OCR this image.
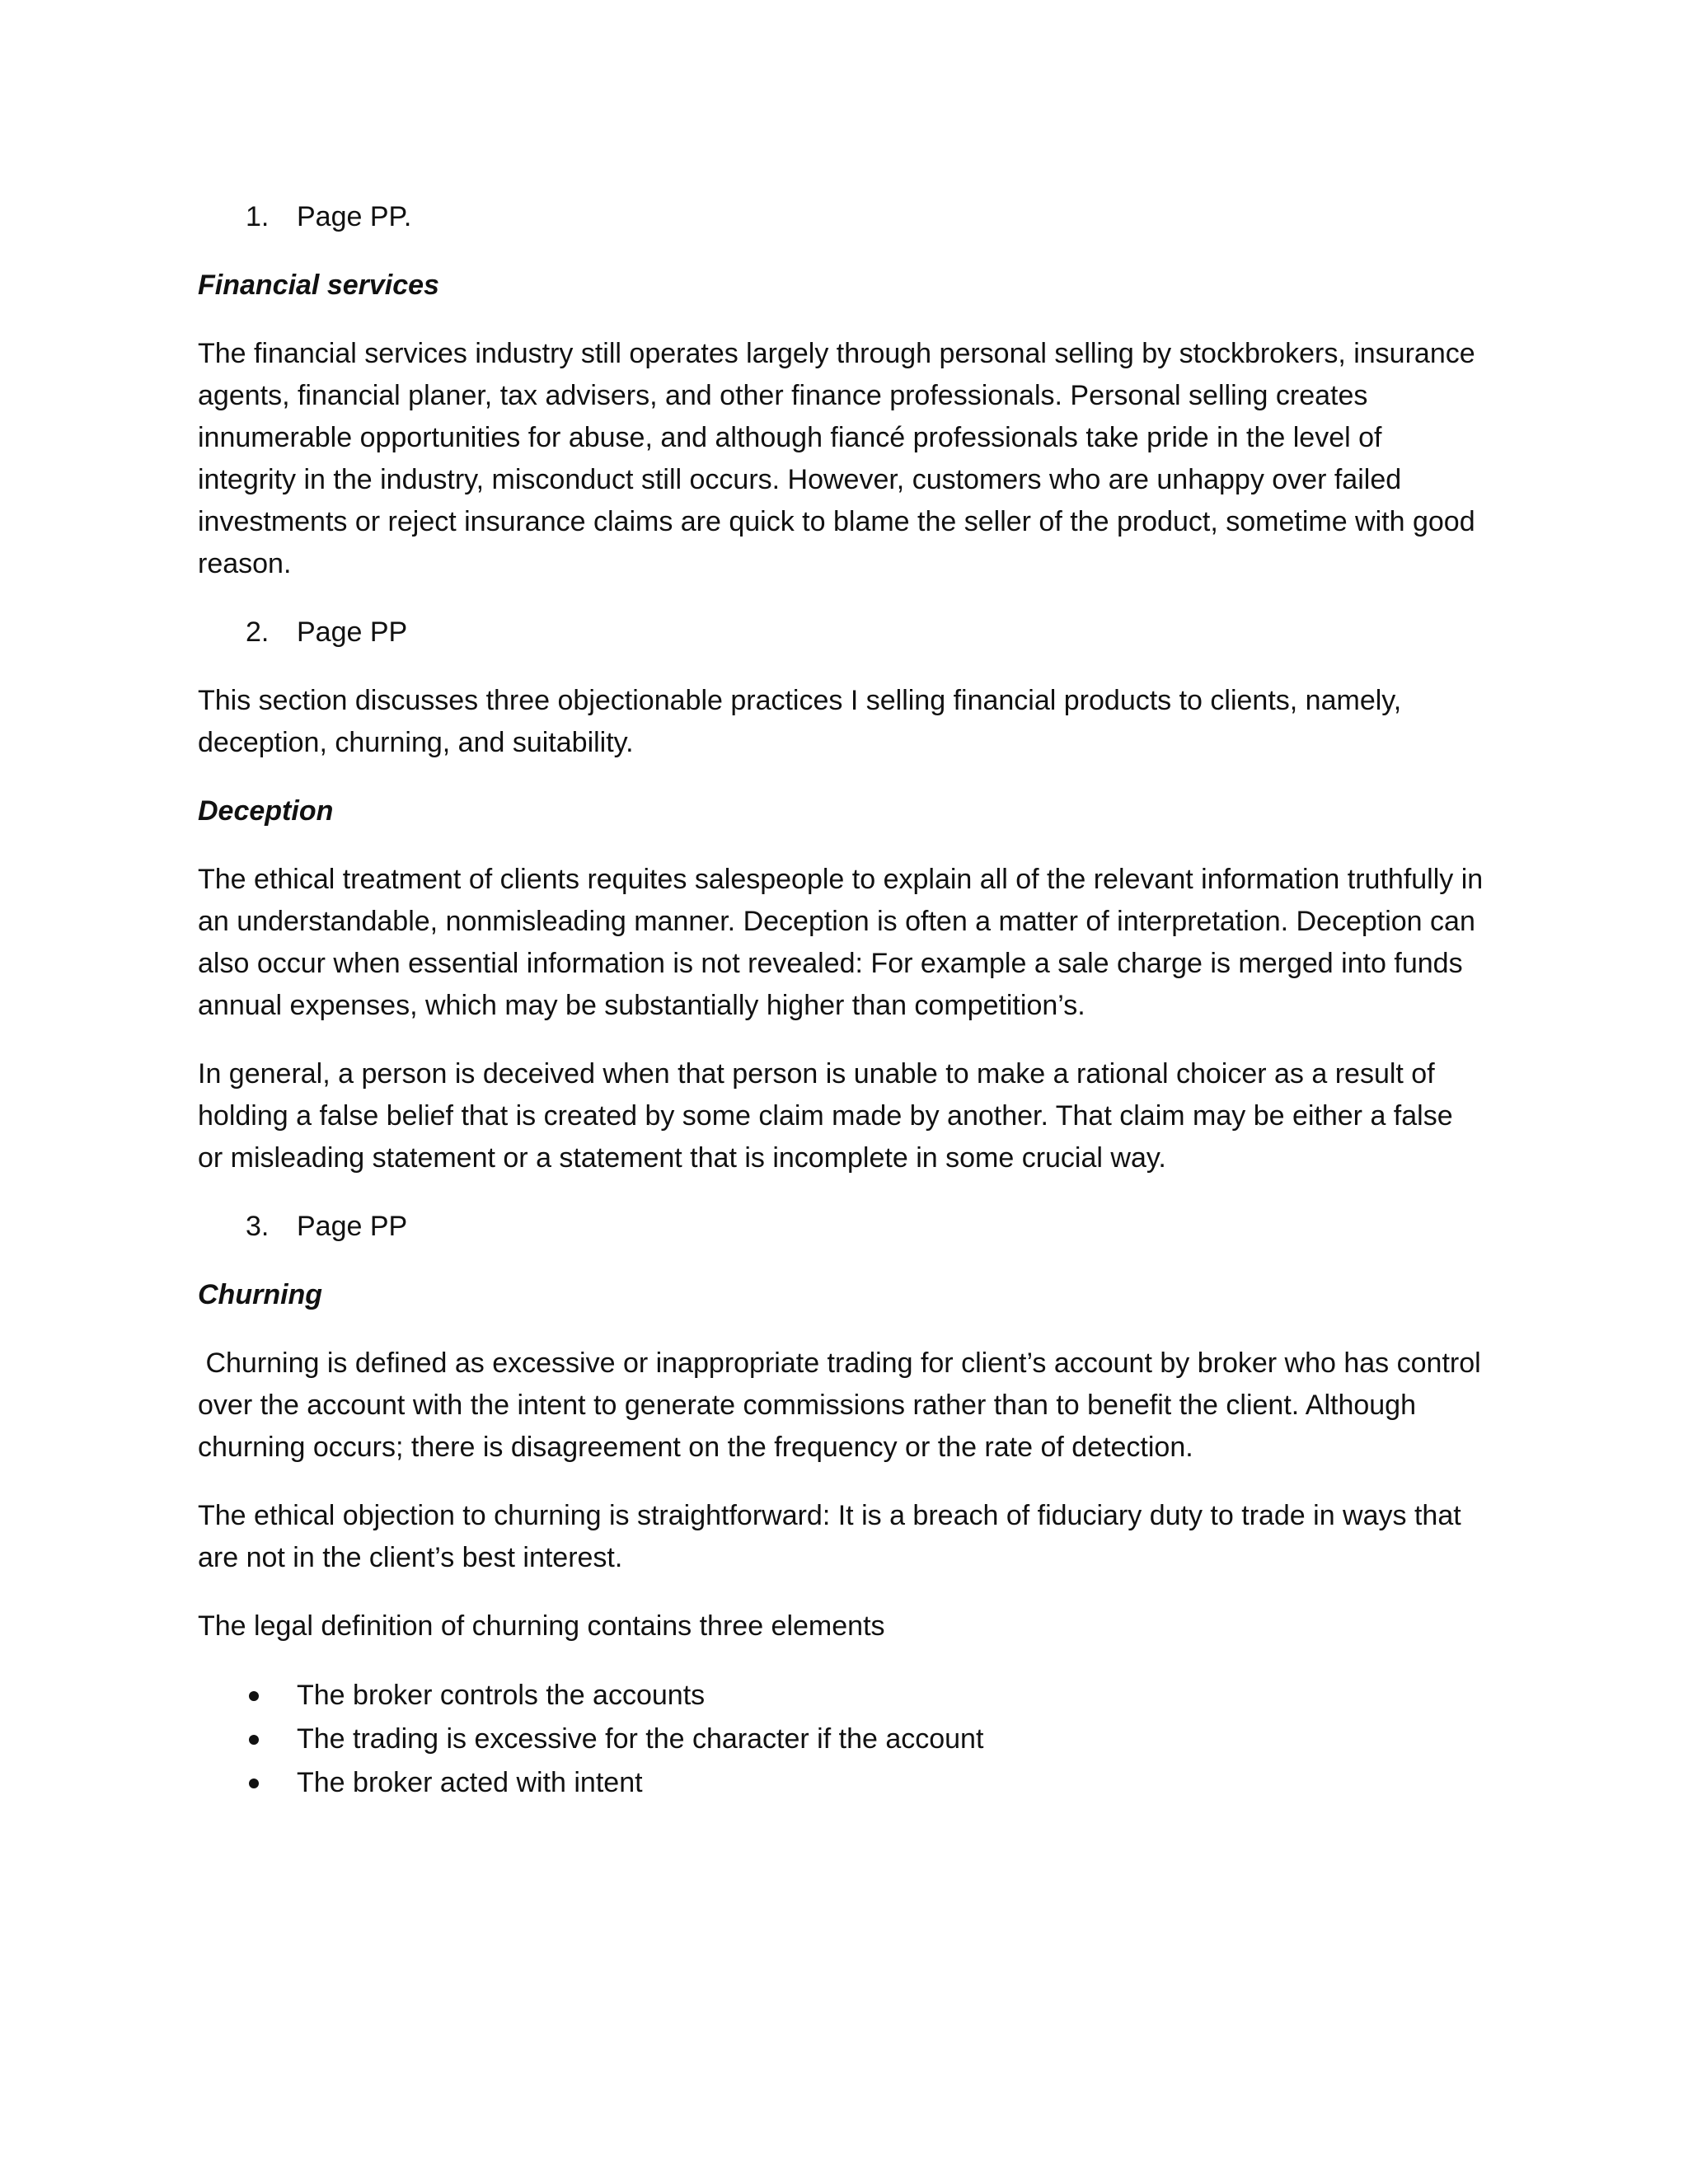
1. Page PP.
Financial services

The financial services industry still operates largely through personal selling by stockbrokers, insurance agents, financial planer, tax advisers, and other finance professionals. Personal selling creates innumerable opportunities for abuse, and although fiancé professionals take pride in the level of integrity in the industry, misconduct still occurs. However, customers who are unhappy over failed investments or reject insurance claims are quick to blame the seller of the product, sometime with good reason.

2. Page PP

This section discusses three objectionable practices I selling financial products to clients, namely, deception, churning, and suitability.

Deception

The ethical treatment of clients requites salespeople to explain all of the relevant information truthfully in an understandable, nonmisleading manner. Deception is often a matter of interpretation. Deception can also occur when essential information is not revealed: For example a sale charge is merged into funds annual expenses, which may be substantially higher than competition’s.

In general, a person is deceived when that person is unable to make a rational choicer as a result of holding a false belief that is created by some claim made by another. That claim may be either a false or misleading statement or a statement that is incomplete in some crucial way.

3. Page PP
Churning

Churning is defined as excessive or inappropriate trading for client’s account by broker who has control over the account with the intent to generate commissions rather than to benefit the client. Although churning occurs; there is disagreement on the frequency or the rate of detection.

The ethical objection to churning is straightforward: It is a breach of fiduciary duty to trade in ways that are not in the client’s best interest.

The legal definition of churning contains three elements

The broker controls the accounts
The trading is excessive for the character if the account
The broker acted with intent
